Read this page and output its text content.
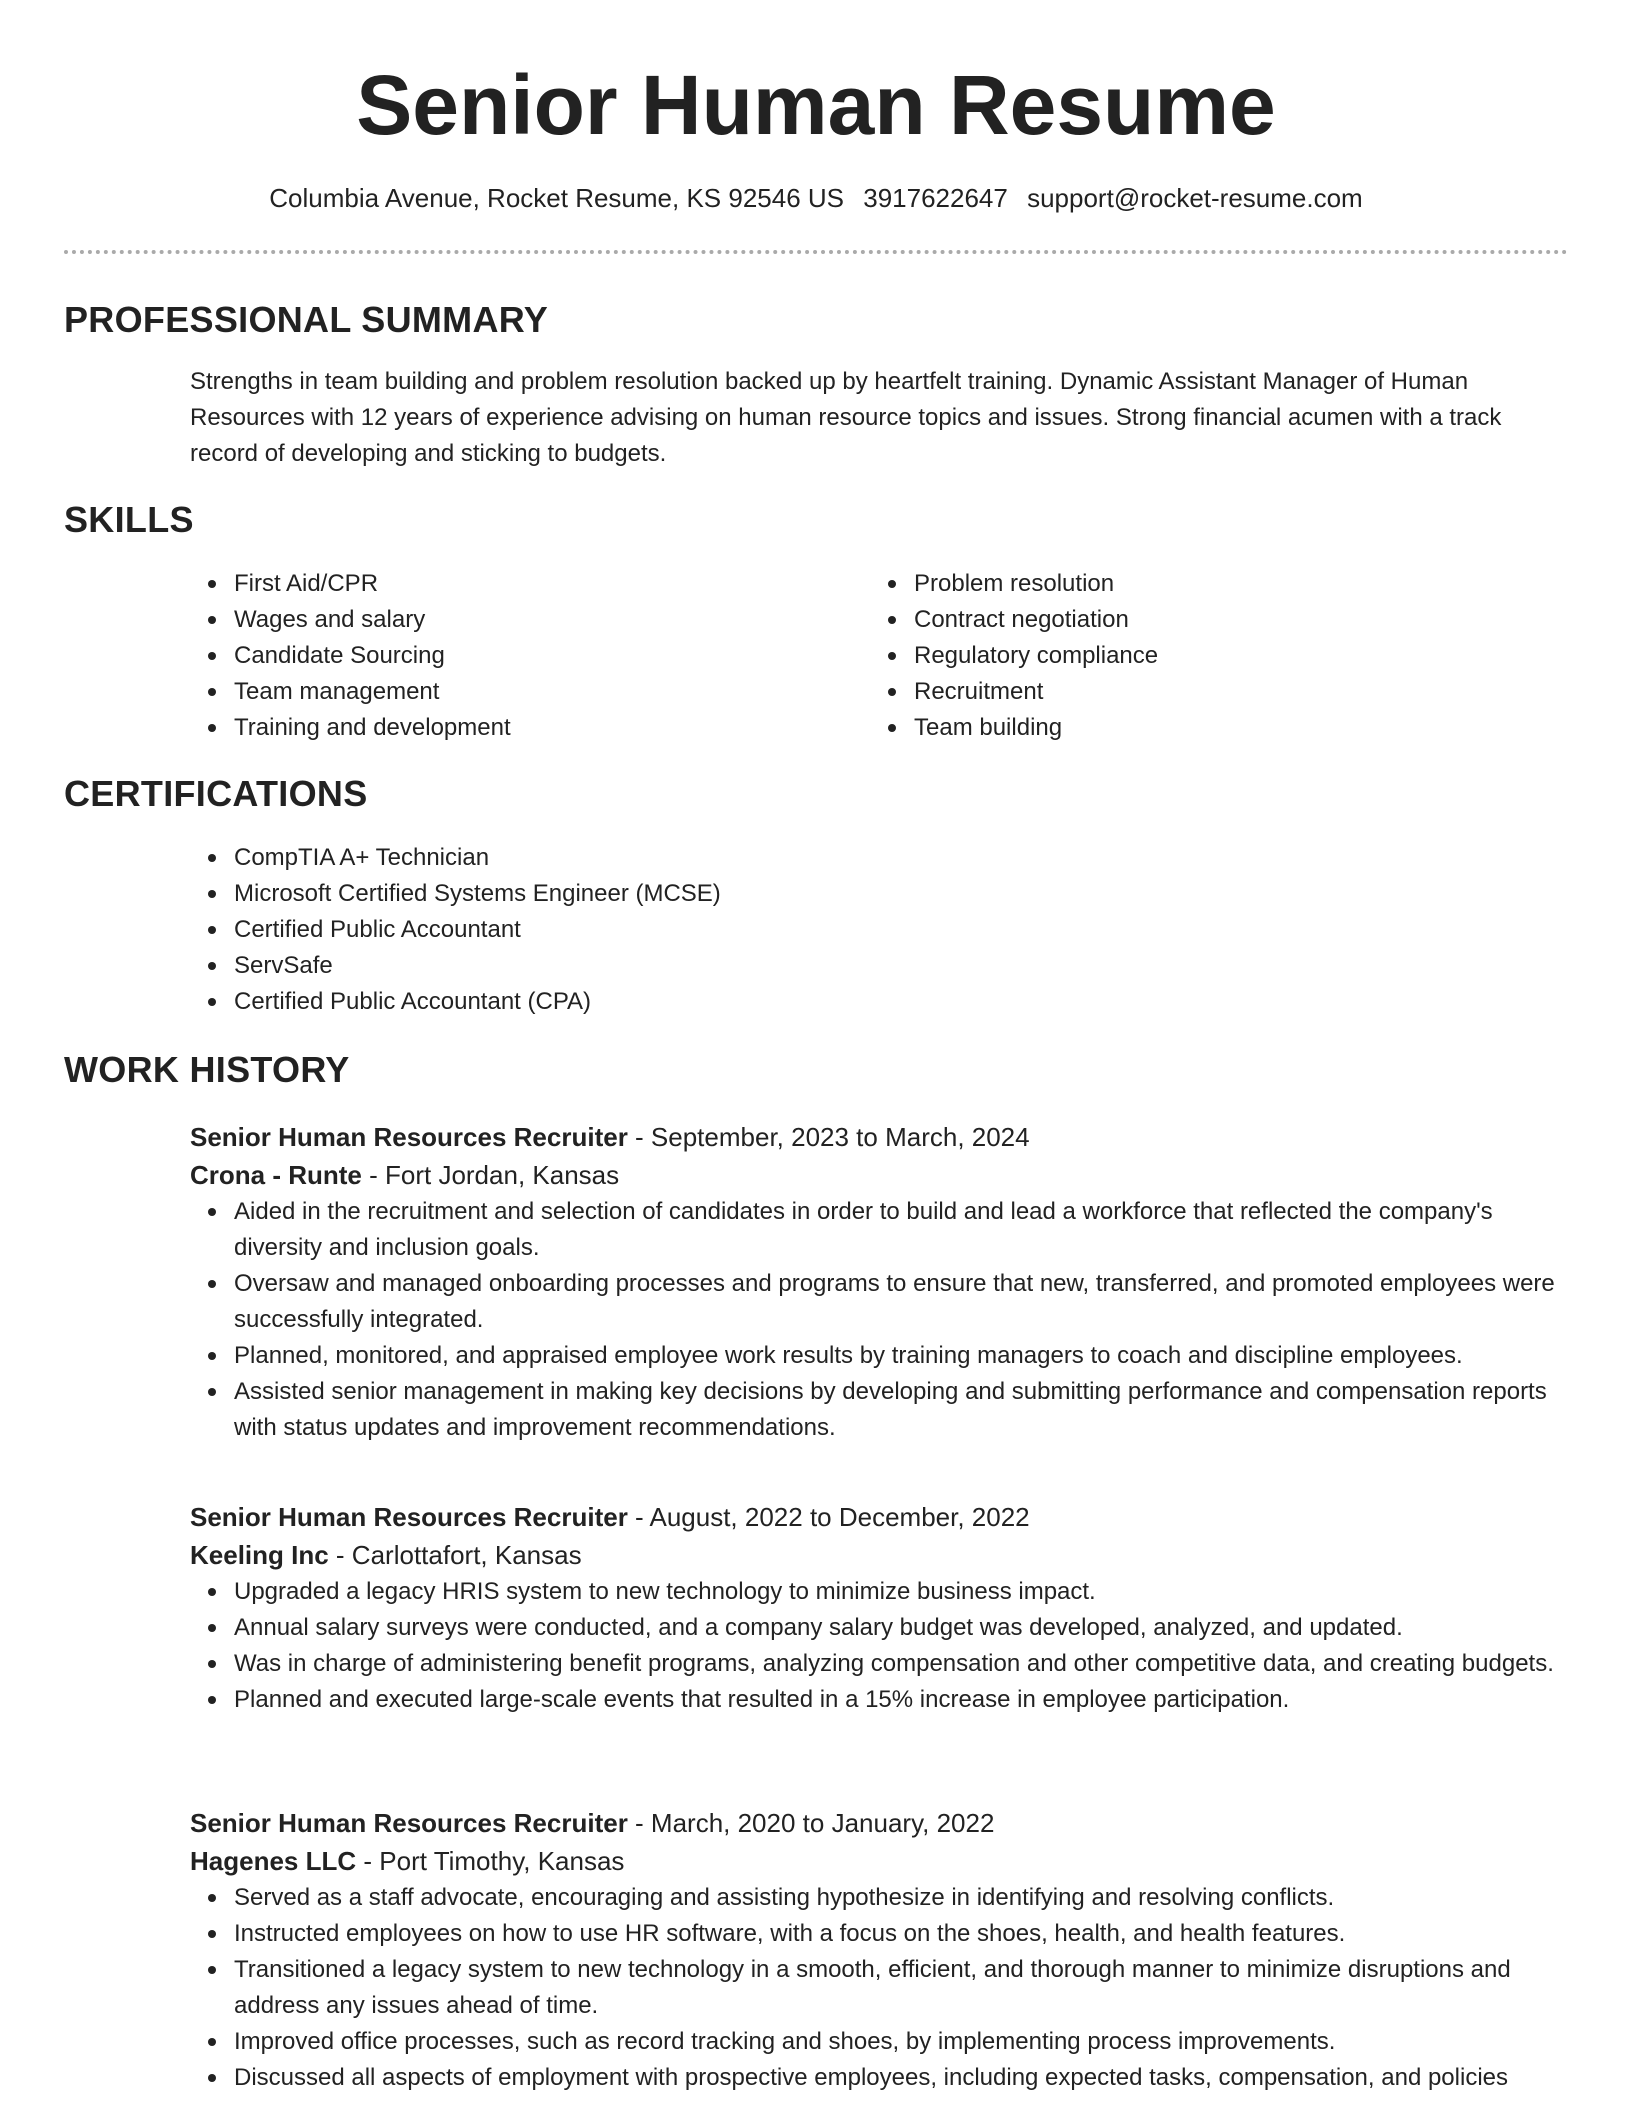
Senior Human Resume
Columbia Avenue, Rocket Resume, KS 92546 US 3917622647 support@rocket-resume.com
PROFESSIONAL SUMMARY

Strengths in team building and problem resolution backed up by heartfelt training. Dynamic Assistant Manager of Human Resources with 12 years of experience advising on human resource topics and issues. Strong financial acumen with a track record of developing and sticking to budgets.

SKILLS
First Aid/CPR
Wages and salary
Candidate Sourcing
Team management
Training and development
Problem resolution
Contract negotiation
Regulatory compliance
Recruitment
Team building
CERTIFICATIONS
CompTIA A+ Technician
Microsoft Certified Systems Engineer (MCSE)
Certified Public Accountant
ServSafe
Certified Public Accountant (CPA)
WORK HISTORY

Senior Human Resources Recruiter - September, 2023 to March, 2024

Crona - Runte - Fort Jordan, Kansas

Aided in the recruitment and selection of candidates in order to build and lead a workforce that reflected the company's diversity and inclusion goals.
Oversaw and managed onboarding processes and programs to ensure that new, transferred, and promoted employees were successfully integrated.
Planned, monitored, and appraised employee work results by training managers to coach and discipline employees.
Assisted senior management in making key decisions by developing and submitting performance and compensation reports with status updates and improvement recommendations.

Senior Human Resources Recruiter - August, 2022 to December, 2022

Keeling Inc - Carlottafort, Kansas

Upgraded a legacy HRIS system to new technology to minimize business impact.
Annual salary surveys were conducted, and a company salary budget was developed, analyzed, and updated.
Was in charge of administering benefit programs, analyzing compensation and other competitive data, and creating budgets.
Planned and executed large-scale events that resulted in a 15% increase in employee participation.

Senior Human Resources Recruiter - March, 2020 to January, 2022

Hagenes LLC - Port Timothy, Kansas

Served as a staff advocate, encouraging and assisting hypothesize in identifying and resolving conflicts.
Instructed employees on how to use HR software, with a focus on the shoes, health, and health features.
Transitioned a legacy system to new technology in a smooth, efficient, and thorough manner to minimize disruptions and address any issues ahead of time.
Improved office processes, such as record tracking and shoes, by implementing process improvements.
Discussed all aspects of employment with prospective employees, including expected tasks, compensation, and policies
